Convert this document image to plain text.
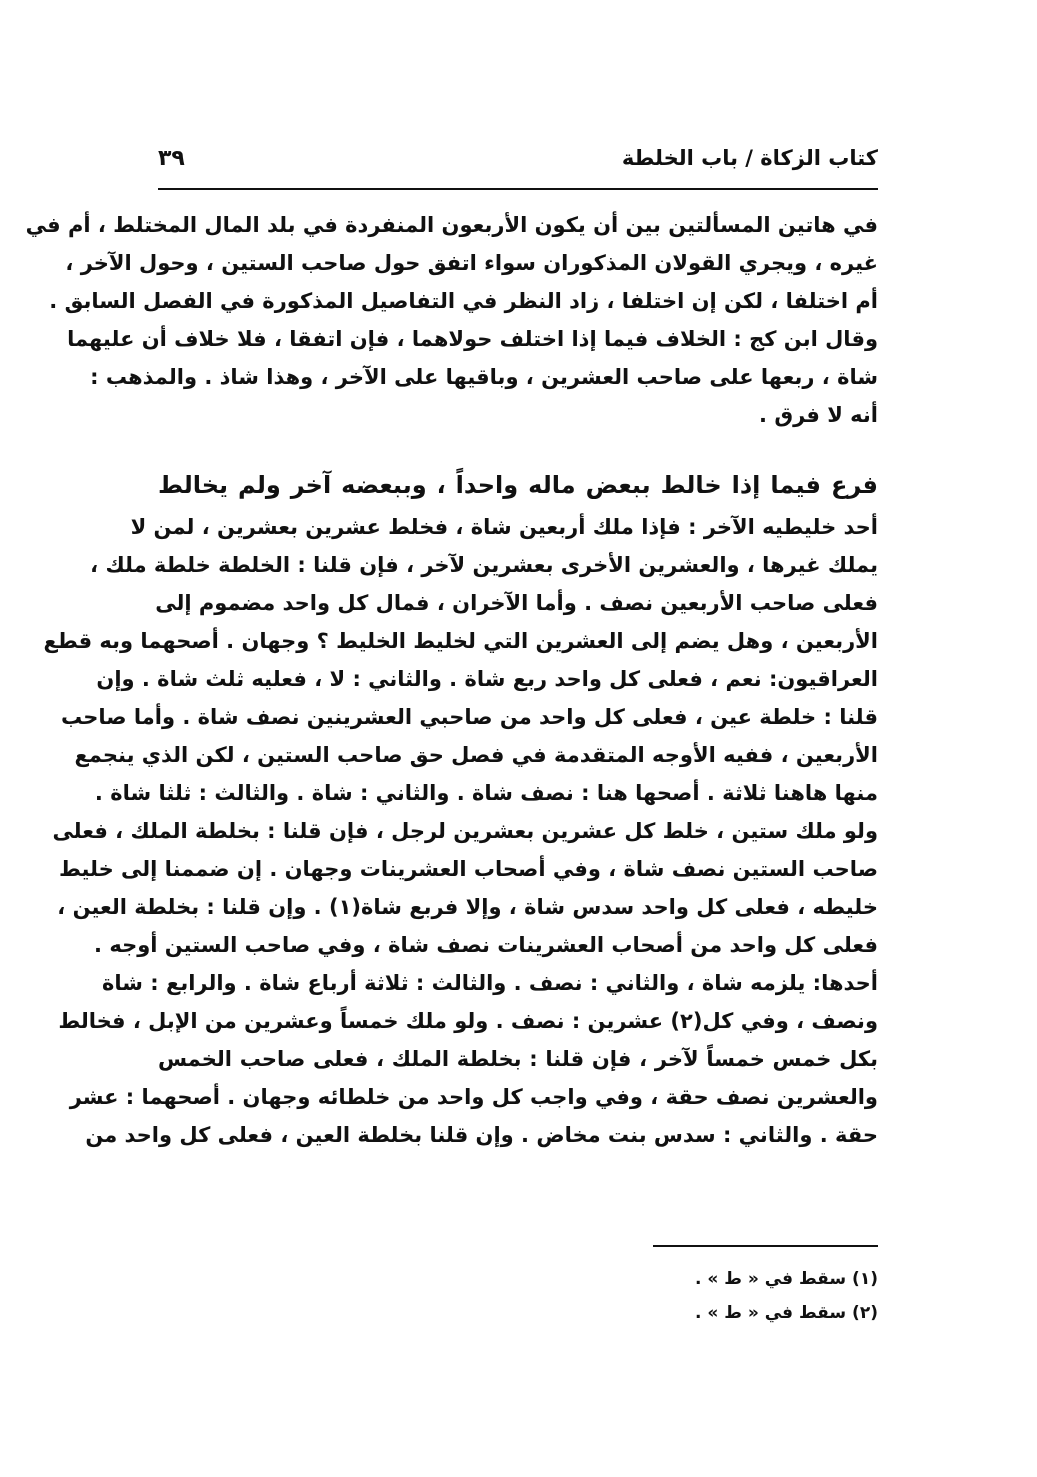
كتاب الزكاة / باب الخلطة
٣٩
في هاتين المسألتين بين أن يكون الأربعون المنفردة في بلد المال المختلط ، أم في
غيره ، ويجري القولان المذكوران سواء اتفق حول صاحب الستين ، وحول الآخر ،
أم اختلفا ، لكن إن اختلفا ، زاد النظر في التفاصيل المذكورة في الفصل السابق .
وقال ابن كج : الخلاف فيما إذا اختلف حولاهما ، فإن اتفقا ، فلا خلاف أن عليهما
شاة ، ربعها على صاحب العشرين ، وباقيها على الآخر ، وهذا شاذ . والمذهب :
أنه لا فرق .
فرع فيما إذا خالط ببعض ماله واحداً ، وببعضه آخر ولم يخالط
أحد خليطيه الآخر : فإذا ملك أربعين شاة ، فخلط عشرين بعشرين ، لمن لا
يملك غيرها ، والعشرين الأخرى بعشرين لآخر ، فإن قلنا : الخلطة خلطة ملك ،
فعلى صاحب الأربعين نصف . وأما الآخران ، فمال كل واحد مضموم إلى
الأربعين ، وهل يضم إلى العشرين التي لخليط الخليط ؟ وجهان . أصحهما وبه قطع
العراقيون: نعم ، فعلى كل واحد ربع شاة . والثاني : لا ، فعليه ثلث شاة . وإن
قلنا : خلطة عين ، فعلى كل واحد من صاحبي العشرينين نصف شاة . وأما صاحب
الأربعين ، ففيه الأوجه المتقدمة في فصل حق صاحب الستين ، لكن الذي ينجمع
منها هاهنا ثلاثة . أصحها هنا : نصف شاة . والثاني : شاة . والثالث : ثلثا شاة .
ولو ملك ستين ، خلط كل عشرين بعشرين لرجل ، فإن قلنا : بخلطة الملك ، فعلى
صاحب الستين نصف شاة ، وفي أصحاب العشرينات وجهان . إن ضممنا إلى خليط
خليطه ، فعلى كل واحد سدس شاة ، وإلا فربع شاة(١) . وإن قلنا : بخلطة العين ،
فعلى كل واحد من أصحاب العشرينات نصف شاة ، وفي صاحب الستين أوجه .
أحدها: يلزمه شاة ، والثاني : نصف . والثالث : ثلاثة أرباع شاة . والرابع : شاة
ونصف ، وفي كل(٢) عشرين : نصف . ولو ملك خمساً وعشرين من الإبل ، فخالط
بكل خمس خمساً لآخر ، فإن قلنا : بخلطة الملك ، فعلى صاحب الخمس
والعشرين نصف حقة ، وفي واجب كل واحد من خلطائه وجهان . أصحهما : عشر
حقة . والثاني : سدس بنت مخاض . وإن قلنا بخلطة العين ، فعلى كل واحد من
(١) سقط في « ط » .
(٢) سقط في « ط » .
